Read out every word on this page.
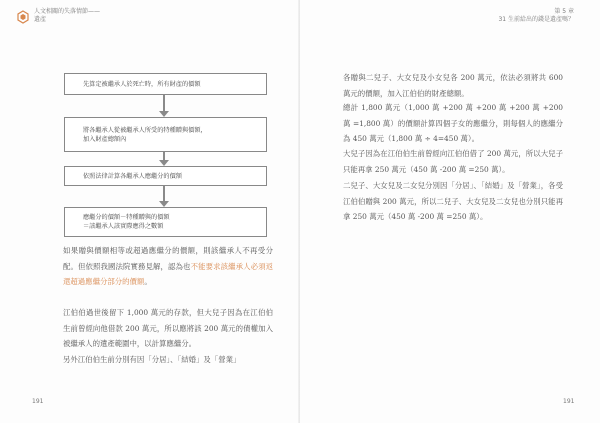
人文相關的失落情節——
遺產
先算定被繼承人於死亡時，所有財產的價額
將各繼承人從被繼承人所受的特種贈與價額，
加入財產總額內
依照法律計算各繼承人應繼分的價額
應繼分的價額－特種贈與的價額
＝該繼承人該實際應得之數額

如果贈與價額相等或超過應繼分的價額，則該繼承人不再受分配。但依照我國法院實務見解，認為也不能要求該繼承人必須返還超過應繼分部分的價額。

江伯伯過世後留下 1,000 萬元的存款，但大兒子因為在江伯伯生前曾經向他借款 200 萬元，所以應將該 200 萬元的債權加入被繼承人的遺產範圍中，以計算應繼分。

另外江伯伯生前分別有因「分居」、「結婚」及「營業」

191
第 5 章
31 生前給出的錢是遺產嗎？

各贈與二兒子、大女兒及小女兒各 200 萬元，依法必須將共 600 萬元的價額，加入江伯伯的財產總額。

總計 1,800 萬元（1,000 萬 +200 萬 +200 萬 +200 萬 +200 萬 =1,800 萬）的價額計算四個子女的應繼分，則每個人的應繼分為 450 萬元（1,800 萬 ÷ 4=450 萬）。

大兒子因為在江伯伯生前曾經向江伯伯借了 200 萬元，所以大兒子只能再拿 250 萬元（450 萬 -200 萬 =250 萬）。

二兒子、大女兒及二女兒分別因「分居」、「結婚」及「營業」，各受江伯伯贈與 200 萬元，所以二兒子、大女兒及二女兒也分別只能再拿 250 萬元（450 萬 -200 萬 =250 萬）。

191
